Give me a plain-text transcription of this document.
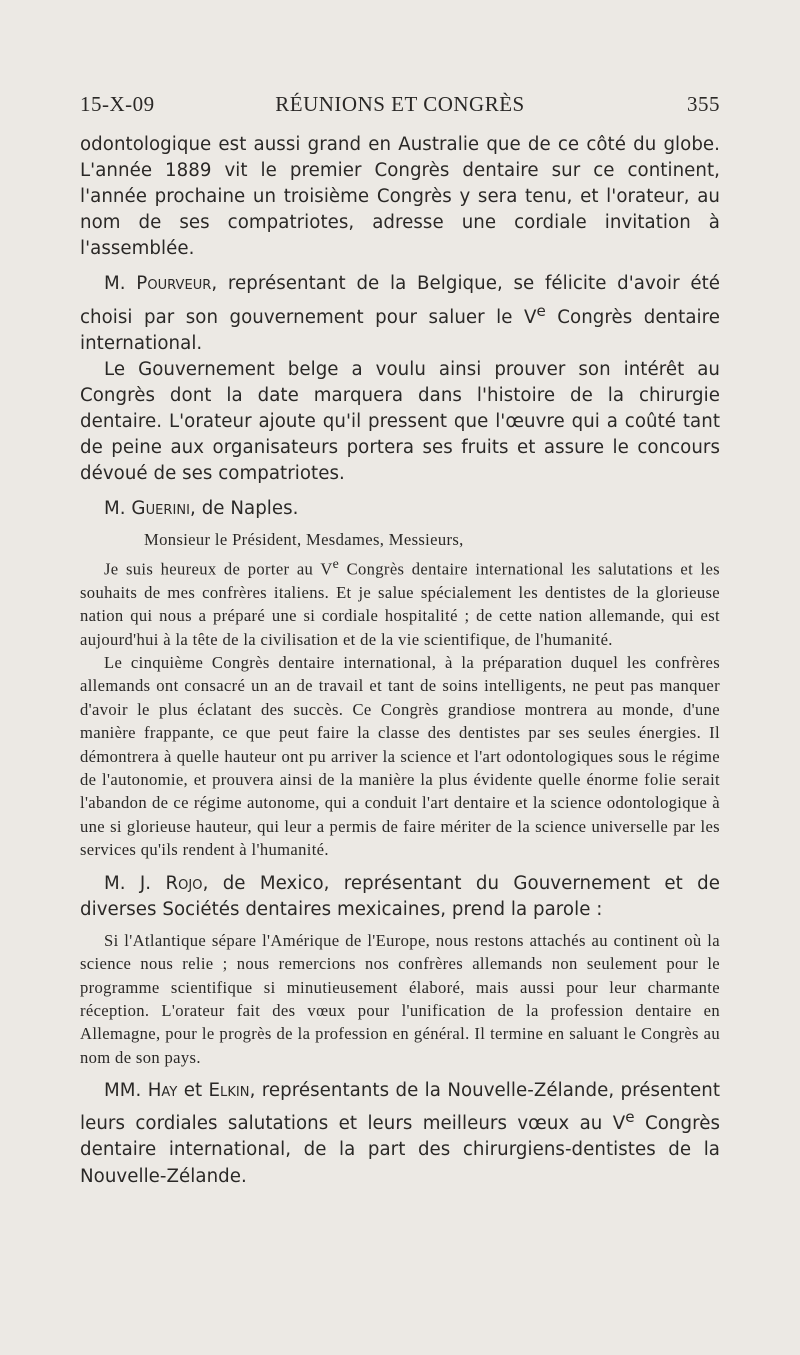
15-X-09	RÉUNIONS ET CONGRÈS	355

odontologique est aussi grand en Australie que de ce côté du globe. L'année 1889 vit le premier Congrès dentaire sur ce continent, l'année prochaine un troisième Congrès y sera tenu, et l'orateur, au nom de ses compatriotes, adresse une cordiale invitation à l'assemblée.

M. Pourveur, représentant de la Belgique, se félicite d'avoir été choisi par son gouvernement pour saluer le Ve Congrès dentaire international.

Le Gouvernement belge a voulu ainsi prouver son intérêt au Congrès dont la date marquera dans l'histoire de la chirurgie dentaire. L'orateur ajoute qu'il pressent que l'œuvre qui a coûté tant de peine aux organisateurs portera ses fruits et assure le concours dévoué de ses compatriotes.

M. Guerini, de Naples.

Monsieur le Président, Mesdames, Messieurs,

Je suis heureux de porter au Ve Congrès dentaire international les salutations et les souhaits de mes confrères italiens. Et je salue spécialement les dentistes de la glorieuse nation qui nous a préparé une si cordiale hospitalité ; de cette nation allemande, qui est aujourd'hui à la tête de la civilisation et de la vie scientifique, de l'humanité.

Le cinquième Congrès dentaire international, à la préparation duquel les confrères allemands ont consacré un an de travail et tant de soins intelligents, ne peut pas manquer d'avoir le plus éclatant des succès. Ce Congrès grandiose montrera au monde, d'une manière frappante, ce que peut faire la classe des dentistes par ses seules énergies. Il démontrera à quelle hauteur ont pu arriver la science et l'art odontologiques sous le régime de l'autonomie, et prouvera ainsi de la manière la plus évidente quelle énorme folie serait l'abandon de ce régime autonome, qui a conduit l'art dentaire et la science odontologique à une si glorieuse hauteur, qui leur a permis de faire mériter de la science universelle par les services qu'ils rendent à l'humanité.

M. J. Rojo, de Mexico, représentant du Gouvernement et de diverses Sociétés dentaires mexicaines, prend la parole :

Si l'Atlantique sépare l'Amérique de l'Europe, nous restons attachés au continent où la science nous relie ; nous remercions nos confrères allemands non seulement pour le programme scientifique si minutieusement élaboré, mais aussi pour leur charmante réception. L'orateur fait des vœux pour l'unification de la profession dentaire en Allemagne, pour le progrès de la profession en général. Il termine en saluant le Congrès au nom de son pays.

MM. Hay et Elkin, représentants de la Nouvelle-Zélande, présentent leurs cordiales salutations et leurs meilleurs vœux au Ve Congrès dentaire international, de la part des chirurgiens-dentistes de la Nouvelle-Zélande.
